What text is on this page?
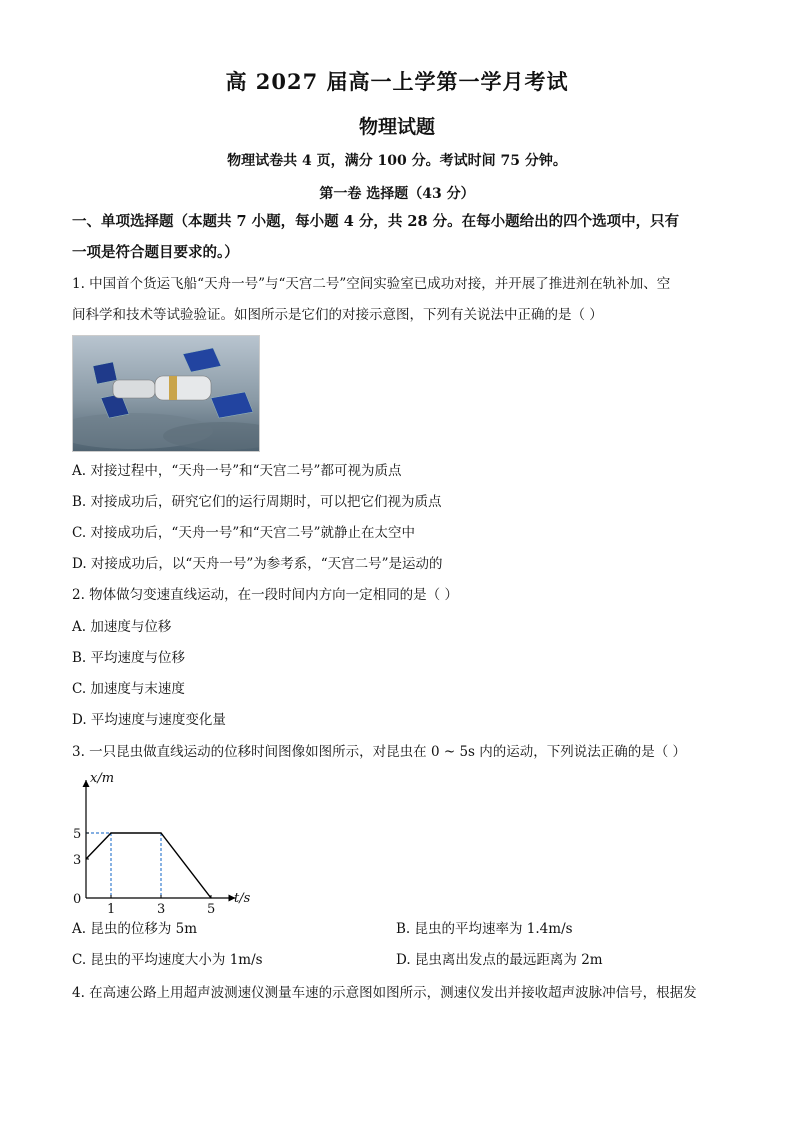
高 2027 届高一上学第一学月考试
物理试题
物理试卷共 4 页，满分 100 分。考试时间 75 分钟。
第一卷 选择题（43 分）
一、单项选择题（本题共 7 小题，每小题 4 分，共 28 分。在每小题给出的四个选项中，只有
一项是符合题目要求的。）
1. 中国首个货运飞船“天舟一号”与“天宫二号”空间实验室已成功对接，并开展了推进剂在轨补加、空
间科学和技术等试验验证。如图所示是它们的对接示意图，下列有关说法中正确的是（ ）
A. 对接过程中，“天舟一号”和“天宫二号”都可视为质点
B. 对接成功后，研究它们的运行周期时，可以把它们视为质点
C. 对接成功后，“天舟一号”和“天宫二号”就静止在太空中
D. 对接成功后，以“天舟一号”为参考系，“天宫二号”是运动的
2. 物体做匀变速直线运动，在一段时间内方向一定相同的是（ ）
A. 加速度与位移
B. 平均速度与位移
C. 加速度与末速度
D. 平均速度与速度变化量
3. 一只昆虫做直线运动的位移时间图像如图所示，对昆虫在 0 ~ 5s 内的运动，下列说法正确的是（ ）
0
1	3	5
3
5
x/m
t/s
A. 昆虫的位移为 5m	B. 昆虫的平均速率为 1.4m/s
C. 昆虫的平均速度大小为 1m/s	D. 昆虫离出发点的最远距离为 2m
4. 在高速公路上用超声波测速仪测量车速的示意图如图所示，测速仪发出并接收超声波脉冲信号，根据发
